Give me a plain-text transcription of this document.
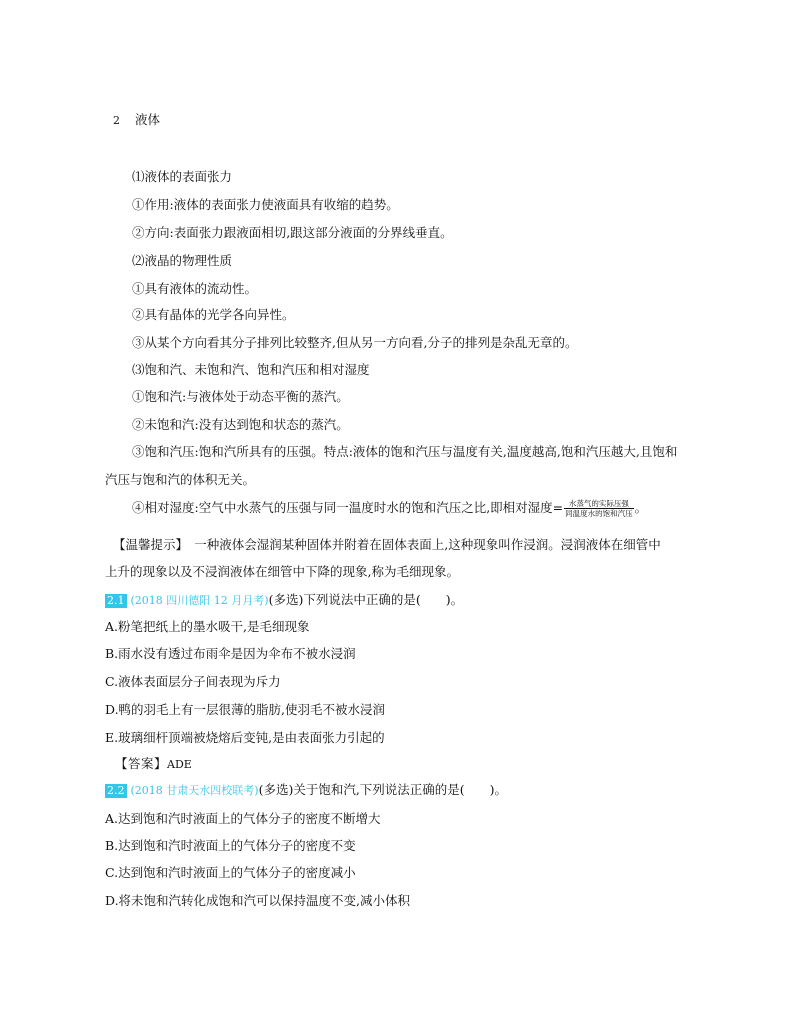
2 液体
⑴液体的表面张力
①作用:液体的表面张力使液面具有收缩的趋势。
②方向:表面张力跟液面相切,跟这部分液面的分界线垂直。
⑵液晶的物理性质
①具有液体的流动性。
②具有晶体的光学各向异性。
③从某个方向看其分子排列比较整齐,但从另一方向看,分子的排列是杂乱无章的。
⑶饱和汽、未饱和汽、饱和汽压和相对湿度
①饱和汽:与液体处于动态平衡的蒸汽。
②未饱和汽:没有达到饱和状态的蒸汽。
③饱和汽压:饱和汽所具有的压强。特点:液体的饱和汽压与温度有关,温度越高,饱和汽压越大,且饱和
汽压与饱和汽的体积无关。
④相对湿度:空气中水蒸气的压强与同一温度时水的饱和汽压之比,即相对湿度= $\frac{\text{水蒸气的实际压强}}{\text{同温度水的饱和汽压}}$ 。
【温馨提示】　一种液体会湿润某种固体并附着在固体表面上,这种现象叫作浸润。浸润液体在细管中
上升的现象以及不浸润液体在细管中下降的现象,称为毛细现象。
2.1 (2018 四川德阳 12 月月考)(多选)下列说法中正确的是(　　)。
A.粉笔把纸上的墨水吸干,是毛细现象
B.雨水没有透过布雨伞是因为伞布不被水浸润
C.液体表面层分子间表现为斥力
D.鸭的羽毛上有一层很薄的脂肪,使羽毛不被水浸润
E.玻璃细杆顶端被烧熔后变钝,是由表面张力引起的
【答案】ADE
2.2 (2018 甘肃天水四校联考)(多选)关于饱和汽,下列说法正确的是(　　)。
A.达到饱和汽时液面上的气体分子的密度不断增大
B.达到饱和汽时液面上的气体分子的密度不变
C.达到饱和汽时液面上的气体分子的密度减小
D.将未饱和汽转化成饱和汽可以保持温度不变,减小体积
